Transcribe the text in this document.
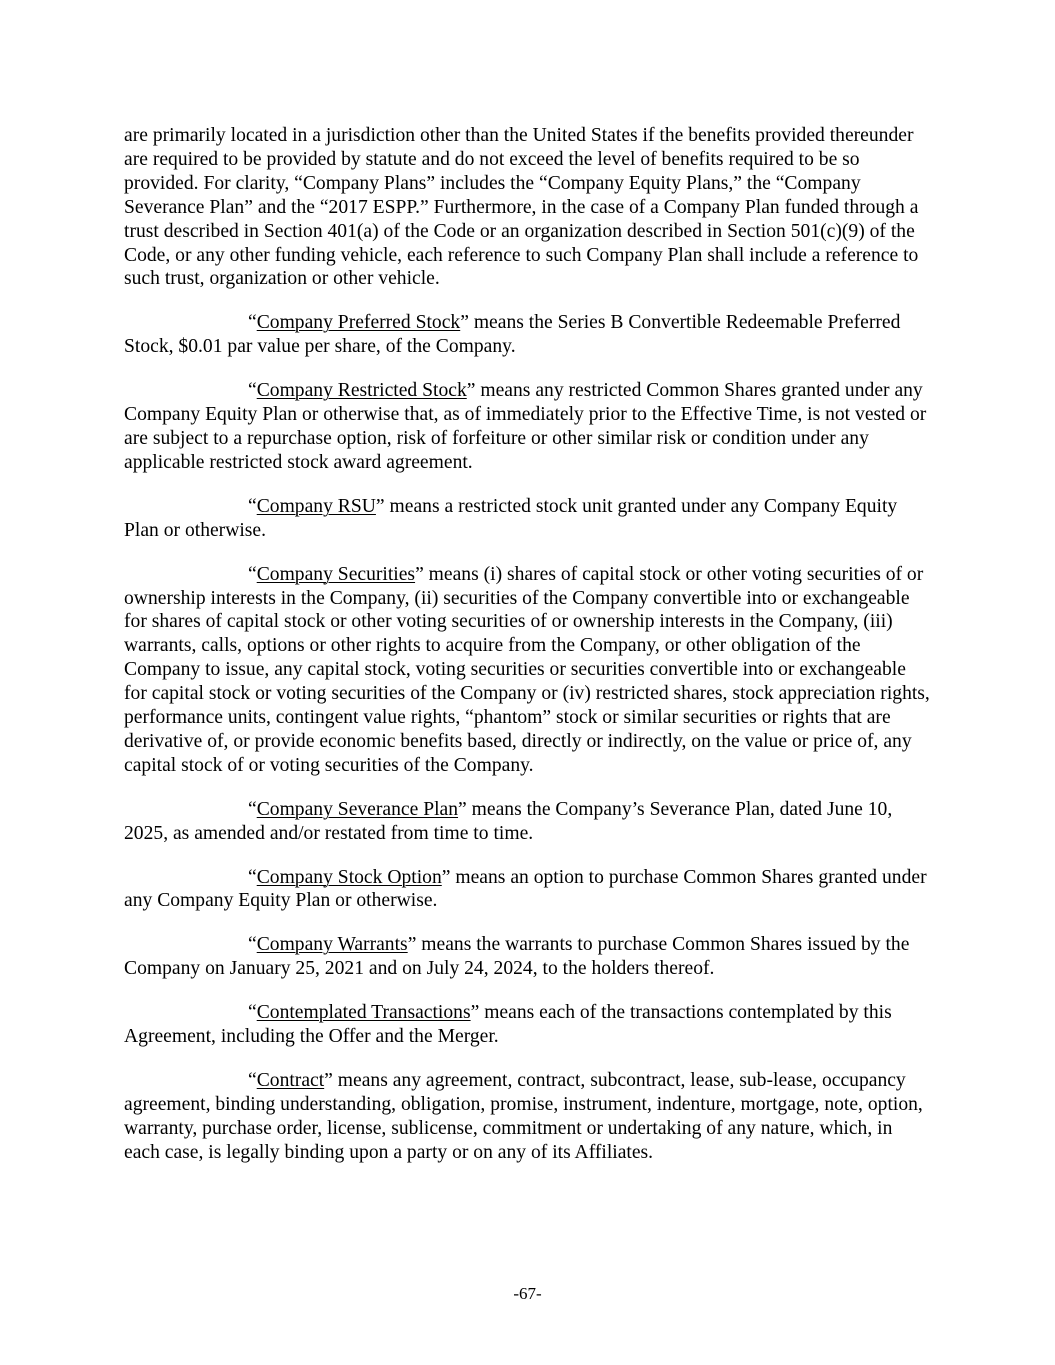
are primarily located in a jurisdiction other than the United States if the benefits provided thereunder are required to be provided by statute and do not exceed the level of benefits required to be so provided. For clarity, “Company Plans” includes the “Company Equity Plans,” the “Company Severance Plan” and the “2017 ESPP.” Furthermore, in the case of a Company Plan funded through a trust described in Section 401(a) of the Code or an organization described in Section 501(c)(9) of the Code, or any other funding vehicle, each reference to such Company Plan shall include a reference to such trust, organization or other vehicle.

“Company Preferred Stock” means the Series B Convertible Redeemable Preferred Stock, $0.01 par value per share, of the Company.

“Company Restricted Stock” means any restricted Common Shares granted under any Company Equity Plan or otherwise that, as of immediately prior to the Effective Time, is not vested or are subject to a repurchase option, risk of forfeiture or other similar risk or condition under any applicable restricted stock award agreement.

“Company RSU” means a restricted stock unit granted under any Company Equity Plan or otherwise.

“Company Securities” means (i) shares of capital stock or other voting securities of or ownership interests in the Company, (ii) securities of the Company convertible into or exchangeable for shares of capital stock or other voting securities of or ownership interests in the Company, (iii) warrants, calls, options or other rights to acquire from the Company, or other obligation of the Company to issue, any capital stock, voting securities or securities convertible into or exchangeable for capital stock or voting securities of the Company or (iv) restricted shares, stock appreciation rights, performance units, contingent value rights, “phantom” stock or similar securities or rights that are derivative of, or provide economic benefits based, directly or indirectly, on the value or price of, any capital stock of or voting securities of the Company.

“Company Severance Plan” means the Company’s Severance Plan, dated June 10, 2025, as amended and/or restated from time to time.

“Company Stock Option” means an option to purchase Common Shares granted under any Company Equity Plan or otherwise.

“Company Warrants” means the warrants to purchase Common Shares issued by the Company on January 25, 2021 and on July 24, 2024, to the holders thereof.

“Contemplated Transactions” means each of the transactions contemplated by this Agreement, including the Offer and the Merger.

“Contract” means any agreement, contract, subcontract, lease, sub-lease, occupancy agreement, binding understanding, obligation, promise, instrument, indenture, mortgage, note, option, warranty, purchase order, license, sublicense, commitment or undertaking of any nature, which, in each case, is legally binding upon a party or on any of its Affiliates.

-67-
